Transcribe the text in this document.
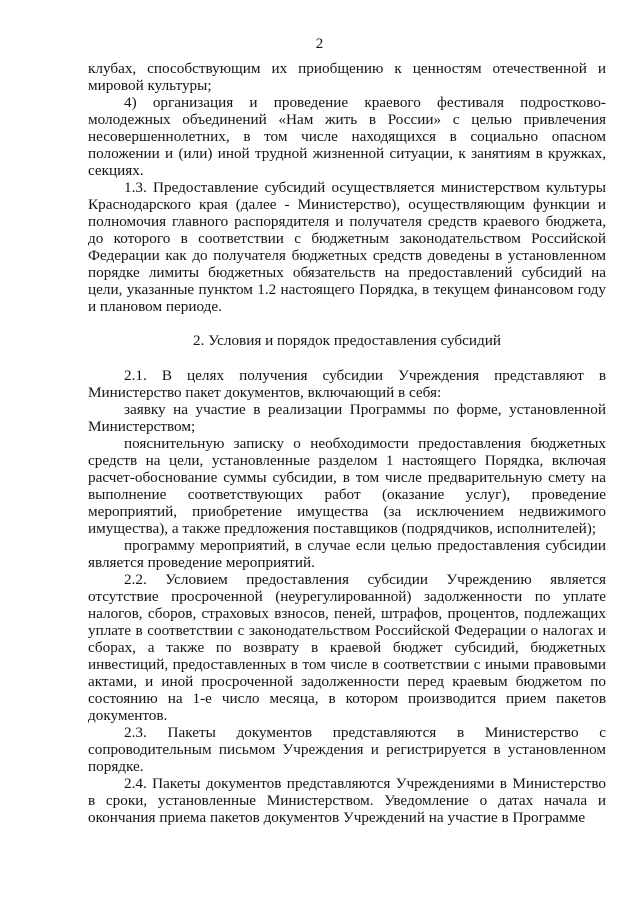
2

клубах, способствующим их приобщению к ценностям отечественной и мировой культуры;

4) организация и проведение краевого фестиваля подростково-молодежных объединений «Нам жить в России» с целью привлечения несовершеннолетних, в том числе находящихся в социально опасном положении и (или) иной трудной жизненной ситуации, к занятиям в кружках, секциях.

1.3. Предоставление субсидий осуществляется министерством культуры Краснодарского края (далее - Министерство), осуществляющим функции и полномочия главного распорядителя и получателя средств краевого бюджета, до которого в соответствии с бюджетным законодательством Российской Федерации как до получателя бюджетных средств доведены в установленном порядке лимиты бюджетных обязательств на предоставлений субсидий на цели, указанные пунктом 1.2 настоящего Порядка, в текущем финансовом году и плановом периоде.

2. Условия и порядок предоставления субсидий

2.1. В целях получения субсидии Учреждения представляют в Министерство пакет документов, включающий в себя:

заявку на участие в реализации Программы по форме, установленной Министерством;

пояснительную записку о необходимости предоставления бюджетных средств на цели, установленные разделом 1 настоящего Порядка, включая расчет-обоснование суммы субсидии, в том числе предварительную смету на выполнение соответствующих работ (оказание услуг), проведение мероприятий, приобретение имущества (за исключением недвижимого имущества), а также предложения поставщиков (подрядчиков, исполнителей);

программу мероприятий, в случае если целью предоставления субсидии является проведение мероприятий.

2.2. Условием предоставления субсидии Учреждению является отсутствие просроченной (неурегулированной) задолженности по уплате налогов, сборов, страховых взносов, пеней, штрафов, процентов, подлежащих уплате в соответствии с законодательством Российской Федерации о налогах и сборах, а также по возврату в краевой бюджет субсидий, бюджетных инвестиций, предоставленных в том числе в соответствии с иными правовыми актами, и иной просроченной задолженности перед краевым бюджетом по состоянию на 1-е число месяца, в котором производится прием пакетов документов.

2.3. Пакеты документов представляются в Министерство с сопроводительным письмом Учреждения и регистрируется в установленном порядке.

2.4. Пакеты документов представляются Учреждениями в Министерство в сроки, установленные Министерством. Уведомление о датах начала и окончания приема пакетов документов Учреждений на участие в Программе
